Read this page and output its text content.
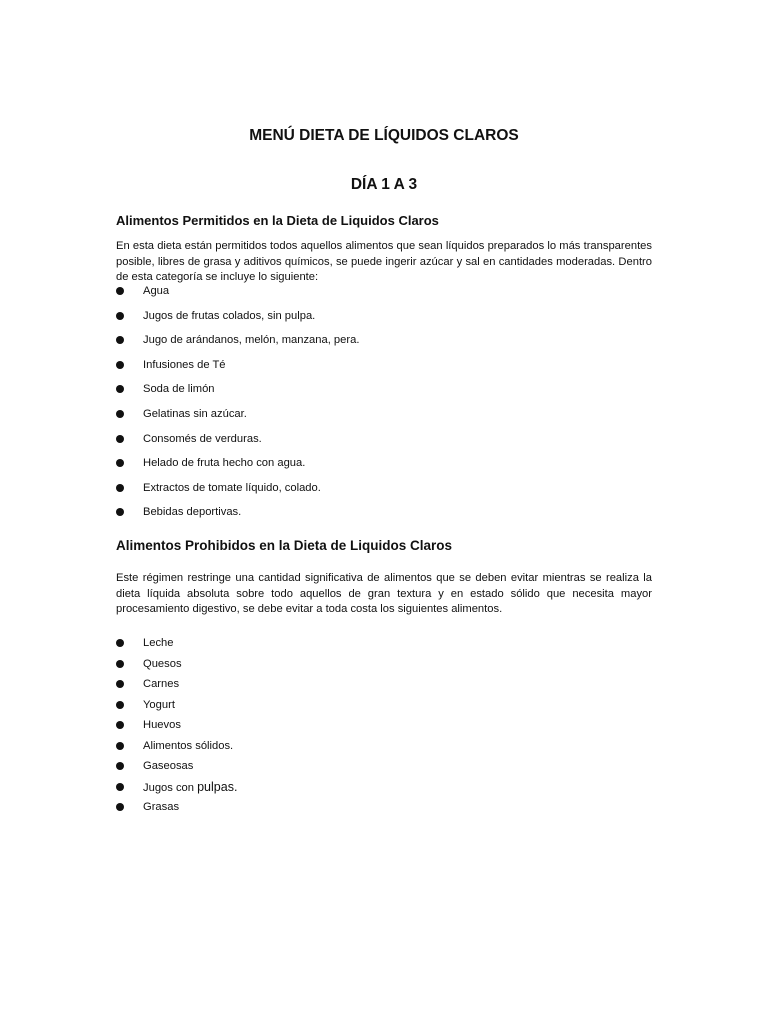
MENÚ DIETA DE LÍQUIDOS CLAROS
DÍA 1 A 3
Alimentos Permitidos en la Dieta de Liquidos Claros

En esta dieta están permitidos todos aquellos alimentos que sean líquidos preparados lo más transparentes posible, libres de grasa y aditivos químicos, se puede ingerir azúcar y sal en cantidades moderadas. Dentro de esta categoría se incluye lo siguiente:

Agua
Jugos de frutas colados, sin pulpa.
Jugo de arándanos, melón, manzana, pera.
Infusiones de Té
Soda de limón
Gelatinas sin azúcar.
Consomés de verduras.
Helado de fruta hecho con agua.
Extractos de tomate líquido, colado.
Bebidas deportivas.
Alimentos Prohibidos en la Dieta de Liquidos Claros

Este régimen restringe una cantidad significativa de alimentos que se deben evitar mientras se realiza la dieta líquida absoluta sobre todo aquellos de gran textura y en estado sólido que necesita mayor procesamiento digestivo, se debe evitar a toda costa los siguientes alimentos.

Leche
Quesos
Carnes
Yogurt
Huevos
Alimentos sólidos.
Gaseosas
Jugos con pulpas.
Grasas
